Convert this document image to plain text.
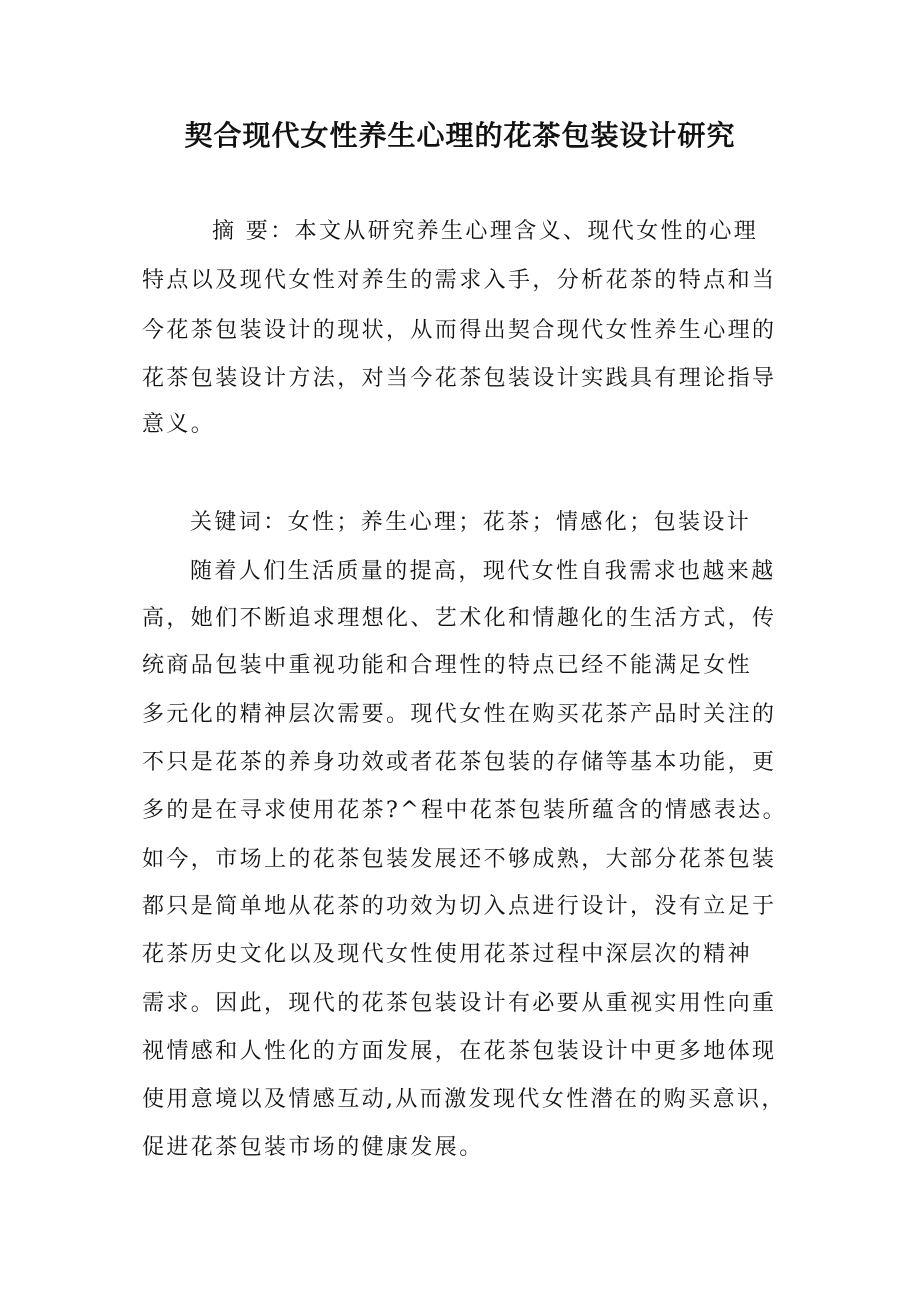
契合现代女性养生心理的花茶包装设计研究
摘 要：本文从研究养生心理含义、现代女性的心理
特点以及现代女性对养生的需求入手，分析花茶的特点和当
今花茶包装设计的现状，从而得出契合现代女性养生心理的
花茶包装设计方法，对当今花茶包装设计实践具有理论指导
意义。
关键词：女性；养生心理；花茶；情感化；包装设计
随着人们生活质量的提高，现代女性自我需求也越来越
高，她们不断追求理想化、艺术化和情趣化的生活方式，传
统商品包装中重视功能和合理性的特点已经不能满足女性
多元化的精神层次需要。现代女性在购买花茶产品时关注的
不只是花茶的养身功效或者花茶包装的存储等基本功能，更
多的是在寻求使用花茶?^程中花茶包装所蕴含的情感表达。
如今，市场上的花茶包装发展还不够成熟，大部分花茶包装
都只是简单地从花茶的功效为切入点进行设计，没有立足于
花茶历史文化以及现代女性使用花茶过程中深层次的精神
需求。因此，现代的花茶包装设计有必要从重视实用性向重
视情感和人性化的方面发展，在花茶包装设计中更多地体现
使用意境以及情感互动,从而激发现代女性潜在的购买意识，
促进花茶包装市场的健康发展。
